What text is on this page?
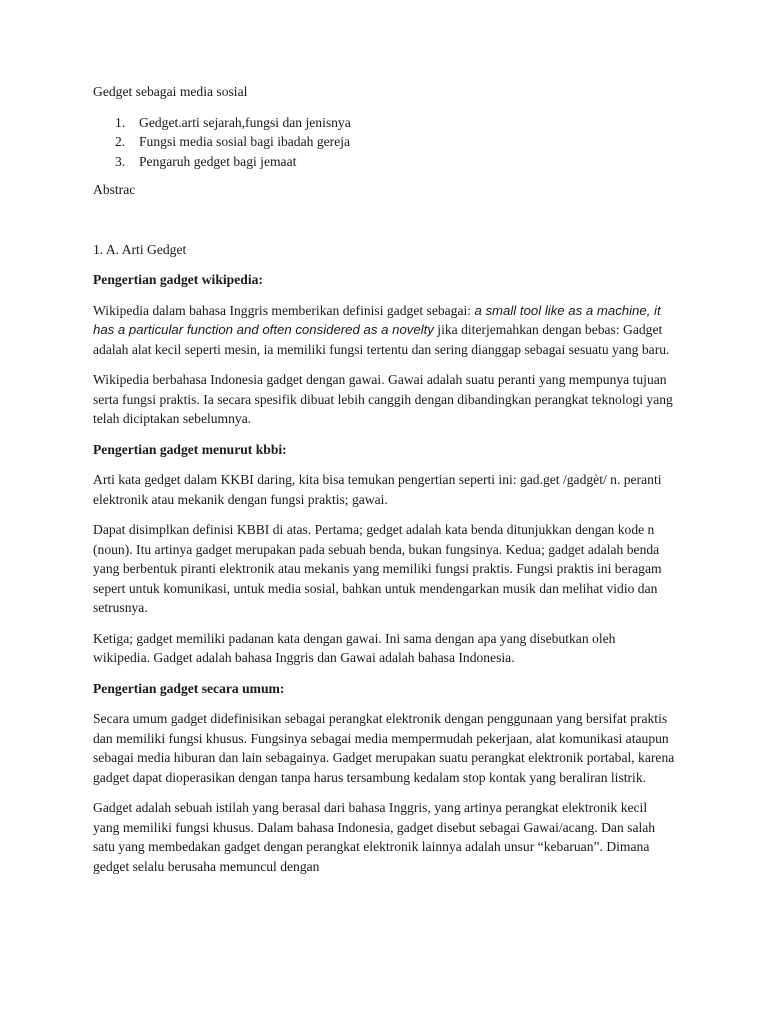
Gedget sebagai media sosial

1. Gedget.arti sejarah,fungsi dan jenisnya
2. Fungsi media sosial bagi ibadah gereja
3. Pengaruh gedget bagi jemaat

Abstrac

1. A. Arti Gedget

Pengertian gadget wikipedia:

Wikipedia dalam bahasa Inggris memberikan definisi gadget sebagai: a small tool like as a machine, it has a particular function and often considered as a novelty jika diterjemahkan dengan bebas: Gadget adalah alat kecil seperti mesin, ia memiliki fungsi tertentu dan sering dianggap sebagai sesuatu yang baru.

Wikipedia berbahasa Indonesia gadget dengan gawai. Gawai adalah suatu peranti yang mempunya tujuan serta fungsi praktis. Ia secara spesifik dibuat lebih canggih dengan dibandingkan perangkat teknologi yang telah diciptakan sebelumnya.

Pengertian gadget menurut kbbi:

Arti kata gedget dalam KKBI daring, kita bisa temukan pengertian seperti ini: gad.get /gadgèt/ n. peranti elektronik atau mekanik dengan fungsi praktis; gawai.

Dapat disimplkan definisi KBBI di atas. Pertama; gedget adalah kata benda ditunjukkan dengan kode n (noun). Itu artinya gadget merupakan pada sebuah benda, bukan fungsinya. Kedua; gadget adalah benda yang berbentuk piranti elektronik atau mekanis yang memiliki fungsi praktis. Fungsi praktis ini beragam sepert untuk komunikasi, untuk media sosial, bahkan untuk mendengarkan musik dan melihat vidio dan setrusnya.

Ketiga; gadget memiliki padanan kata dengan gawai. Ini sama dengan apa yang disebutkan oleh wikipedia. Gadget adalah bahasa Inggris dan Gawai adalah bahasa Indonesia.

Pengertian gadget secara umum:

Secara umum gadget didefinisikan sebagai perangkat elektronik dengan penggunaan yang bersifat praktis dan memiliki fungsi khusus. Fungsinya sebagai media mempermudah pekerjaan, alat komunikasi ataupun sebagai media hiburan dan lain sebagainya. Gadget merupakan suatu perangkat elektronik portabal, karena gadget dapat dioperasikan dengan tanpa harus tersambung kedalam stop kontak yang beraliran listrik.

Gadget adalah sebuah istilah yang berasal dari bahasa Inggris, yang artinya perangkat elektronik kecil yang memiliki fungsi khusus. Dalam bahasa Indonesia, gadget disebut sebagai Gawai/acang. Dan salah satu yang membedakan gadget dengan perangkat elektronik lainnya adalah unsur “kebaruan”. Dimana gedget selalu berusaha memuncul dengan
